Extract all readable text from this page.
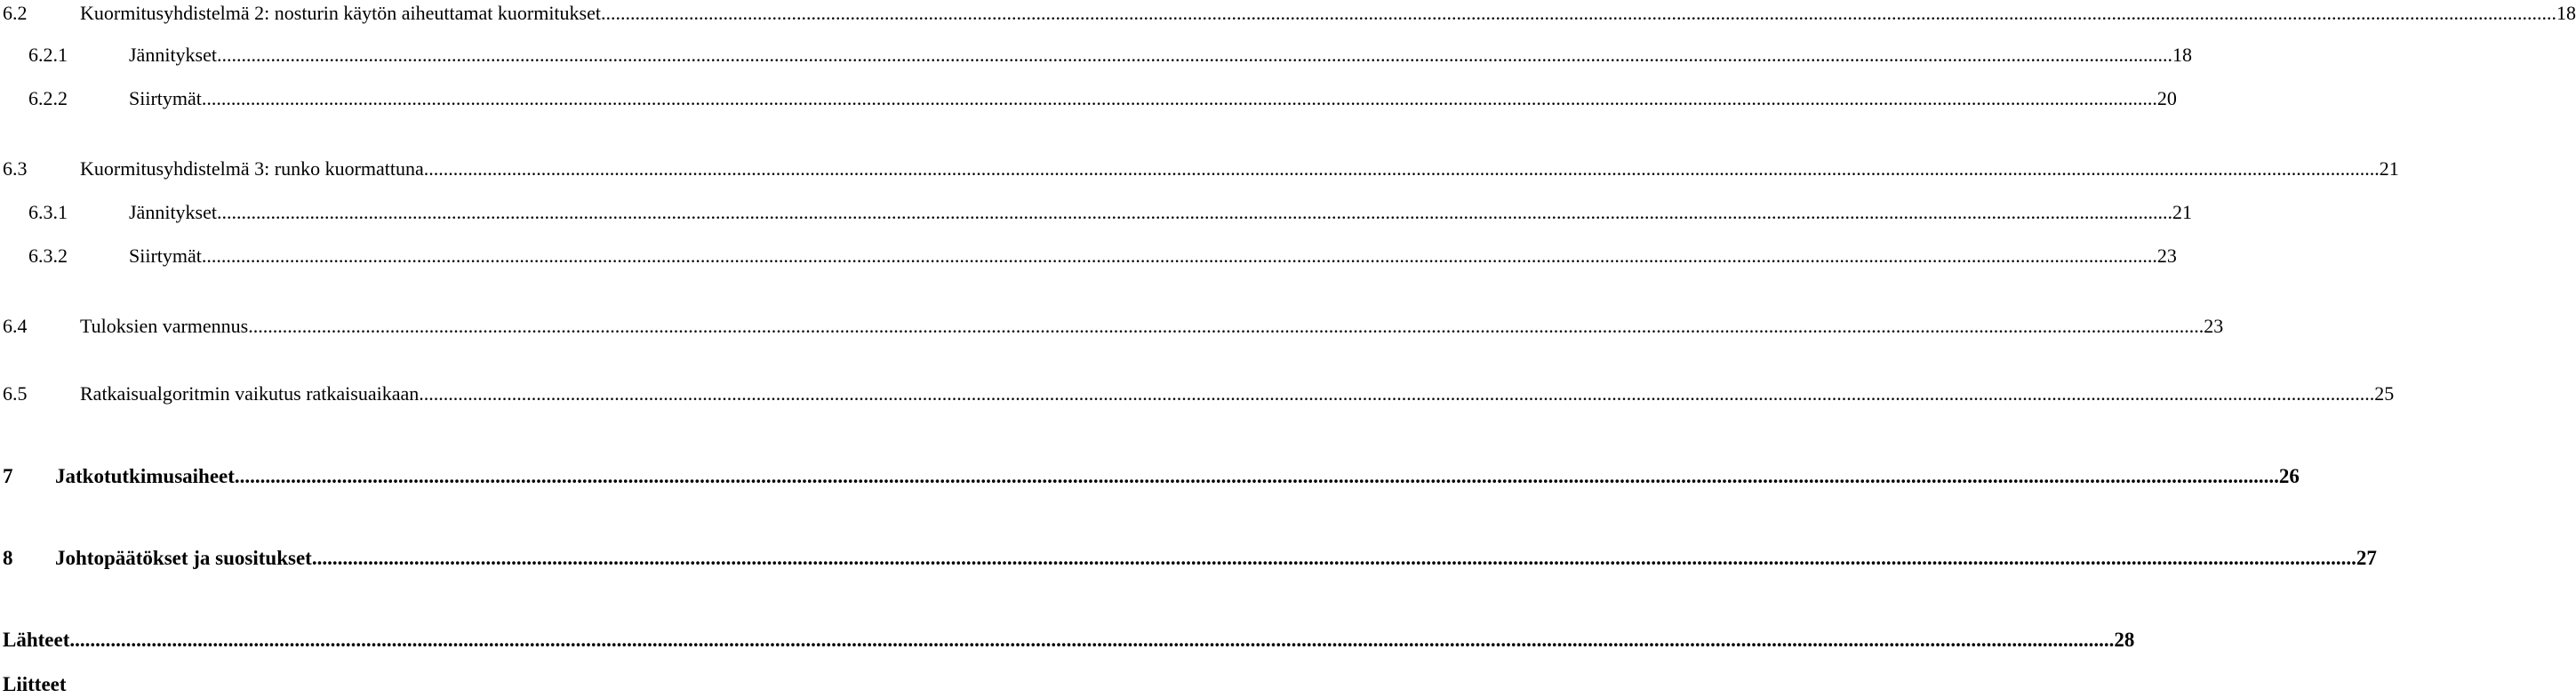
6.2	Kuormitusyhdistelmä 2: nosturin käytön aiheuttamat kuormitukset ................................................................................................................................................................................................................................................................................................................................................................................................................ 18
6.2.1	Jännitykset ................................................................................................................................................................................................................................................................................................................................................................................................................ 18
6.2.2	Siirtymät ................................................................................................................................................................................................................................................................................................................................................................................................................ 20
6.3	Kuormitusyhdistelmä 3: runko kuormattuna ................................................................................................................................................................................................................................................................................................................................................................................................................ 21
6.3.1	Jännitykset ................................................................................................................................................................................................................................................................................................................................................................................................................ 21
6.3.2	Siirtymät ................................................................................................................................................................................................................................................................................................................................................................................................................ 23
6.4	Tuloksien varmennus ................................................................................................................................................................................................................................................................................................................................................................................................................ 23
6.5	Ratkaisualgoritmin vaikutus ratkaisuaikaan ................................................................................................................................................................................................................................................................................................................................................................................................................ 25
7 Jatkotutkimusaiheet ................................................................................................................................................................................................................................................................................................................................................................................................................ 26
8 Johtopäätökset ja suositukset ................................................................................................................................................................................................................................................................................................................................................................................................................ 27
Lähteet ................................................................................................................................................................................................................................................................................................................................................................................................................ 28
Liitteet
